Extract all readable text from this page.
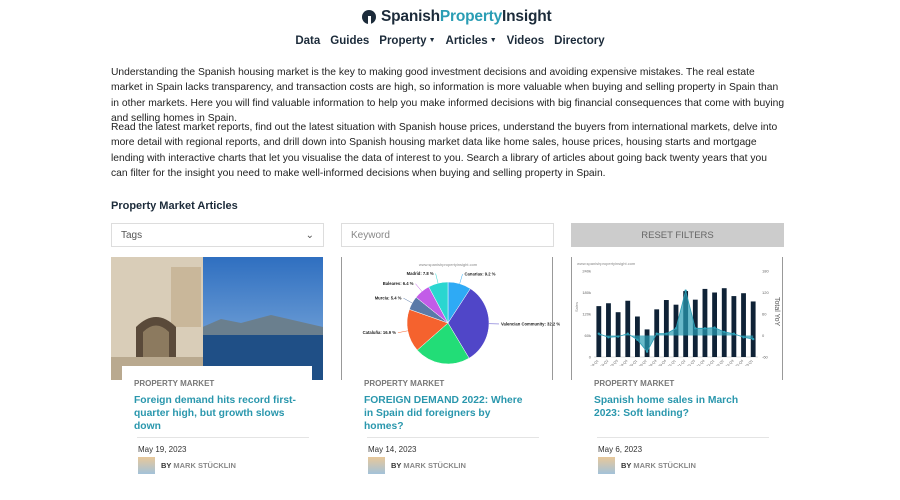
SpanishPropertyInsight
Data Guides Property ▼ Articles ▼ Videos Directory

Understanding the Spanish housing market is the key to making good investment decisions and avoiding expensive mistakes. The real estate market in Spain lacks transparency, and transaction costs are high, so information is more valuable when buying and selling property in Spain than in other markets. Here you will find valuable information to help you make informed decisions with big financial consequences that come with buying and selling homes in Spain.

Read the latest market reports, find out the latest situation with Spanish house prices, understand the buyers from international markets, delve into more detail with regional reports, and drill down into Spanish housing market data like home sales, house prices, housing starts and mortgage lending with interactive charts that let you visualise the data of interest to you. Search a library of articles about going back twenty years that you can filter for the insight you need to make well-informed decisions when buying and selling property in Spain.

Property Market Articles
Tags	⌄	Keyword	RESET FILTERS
PROPERTY MARKET
Foreign demand hits record first-quarter high, but growth slows down
May 19, 2023
BY MARK STÜCKLIN
www.spanishpropertyinsight.com
Canarias: 9.2 %
Valencian Community: 32.2 %
Cataluña: 16.9 %
Murcia: 5.4 %
Baleares: 6.4 %
Madrid: 7.8 %
PROPERTY MARKET
FOREIGN DEMAND 2022: Where in Spain did foreigners by homes?
May 14, 2023
BY MARK STÜCKLIN
www.spanishpropertyinsight.com
Sales	Total YoY
240k
180k
120k
60k
0
180
120
60
0
-60
PROPERTY MARKET
Spanish home sales in March 2023: Soft landing?
May 6, 2023
BY MARK STÜCKLIN
